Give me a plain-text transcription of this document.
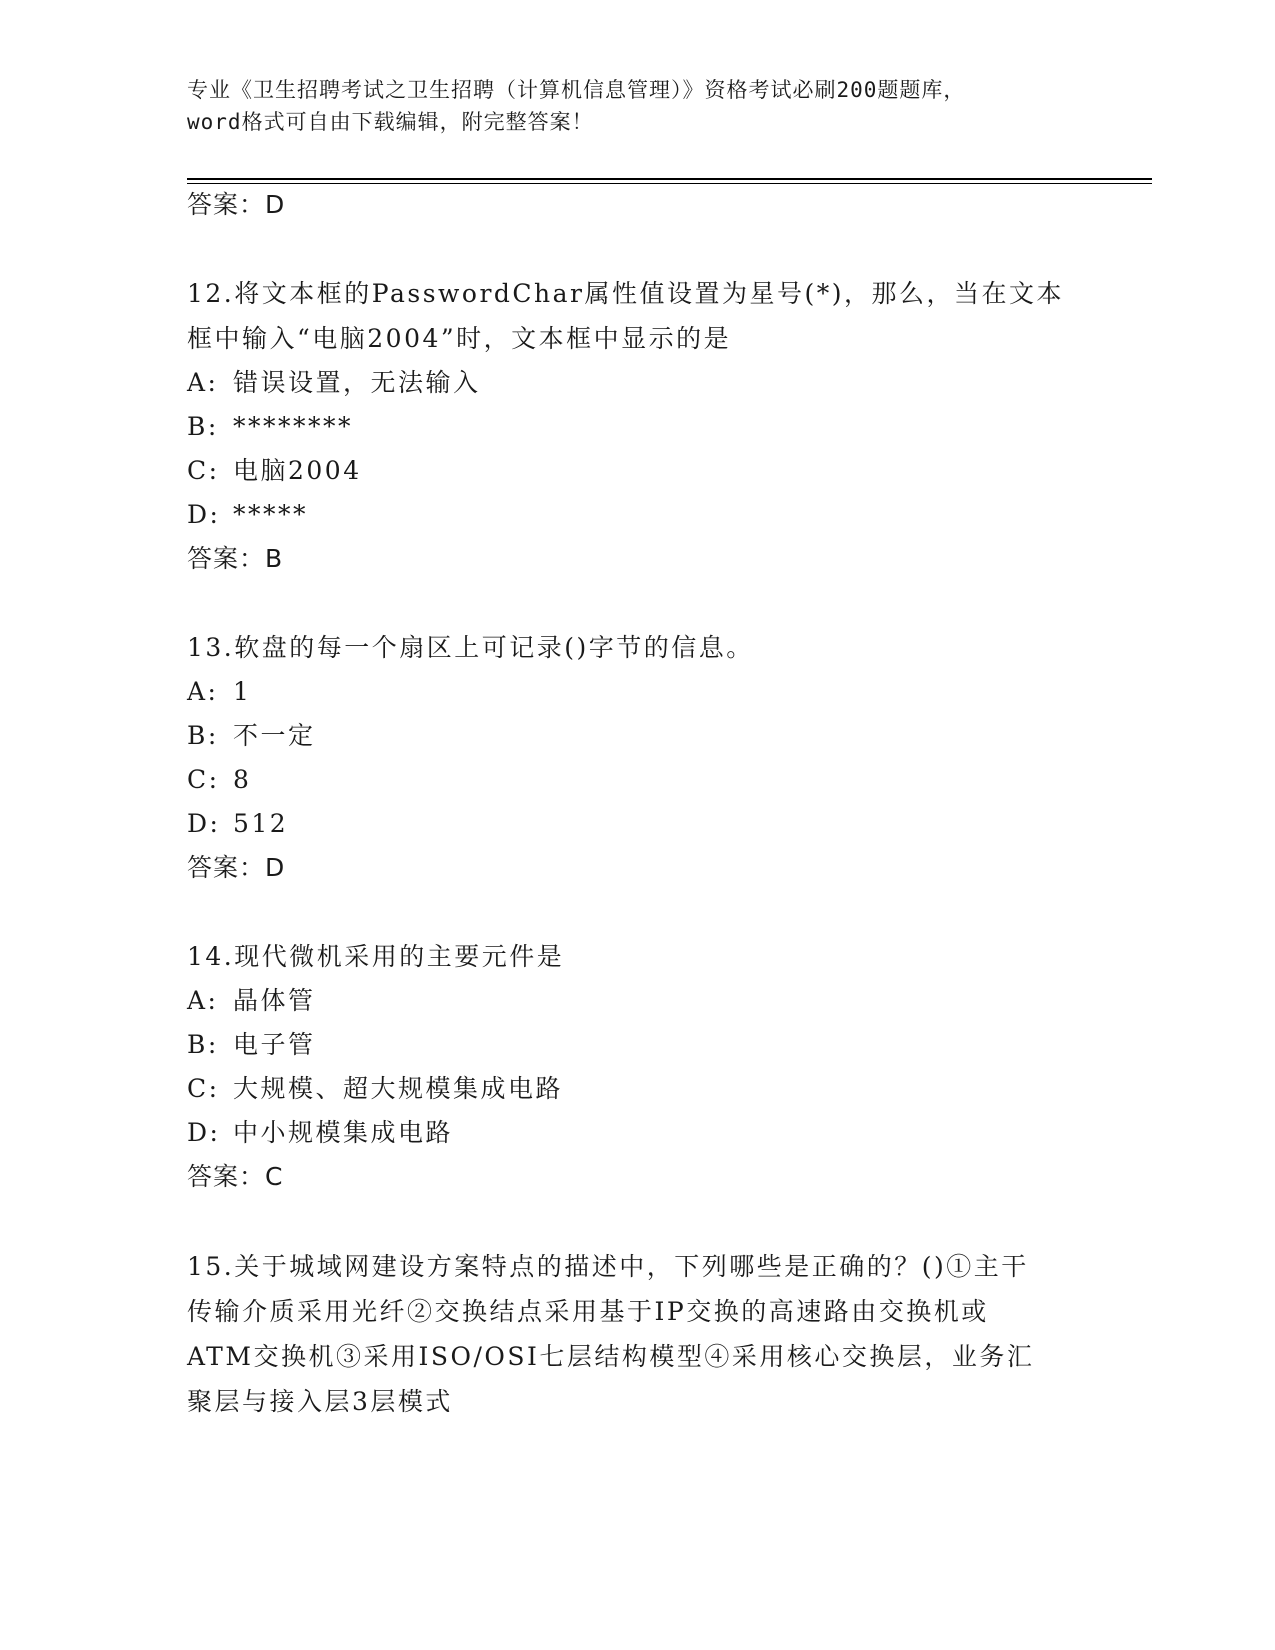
专业《卫生招聘考试之卫生招聘（计算机信息管理）》资格考试必刷200题题库，
word格式可自由下载编辑，附完整答案！
答案：D
12.将文本框的PasswordChar属性值设置为星号(*)，那么，当在文本
框中输入“电脑2004”时，文本框中显示的是
A: 错误设置，无法输入
B: ********
C: 电脑2004
D: *****
答案：B
13.软盘的每一个扇区上可记录()字节的信息。
A: 1
B: 不一定
C: 8
D: 512
答案：D
14.现代微机采用的主要元件是
A: 晶体管
B: 电子管
C: 大规模、超大规模集成电路
D: 中小规模集成电路
答案：C
15.关于城域网建设方案特点的描述中，下列哪些是正确的？()①主干
传输介质采用光纤②交换结点采用基于IP交换的高速路由交换机或
ATM交换机③采用ISO/OSI七层结构模型④采用核心交换层，业务汇
聚层与接入层3层模式
